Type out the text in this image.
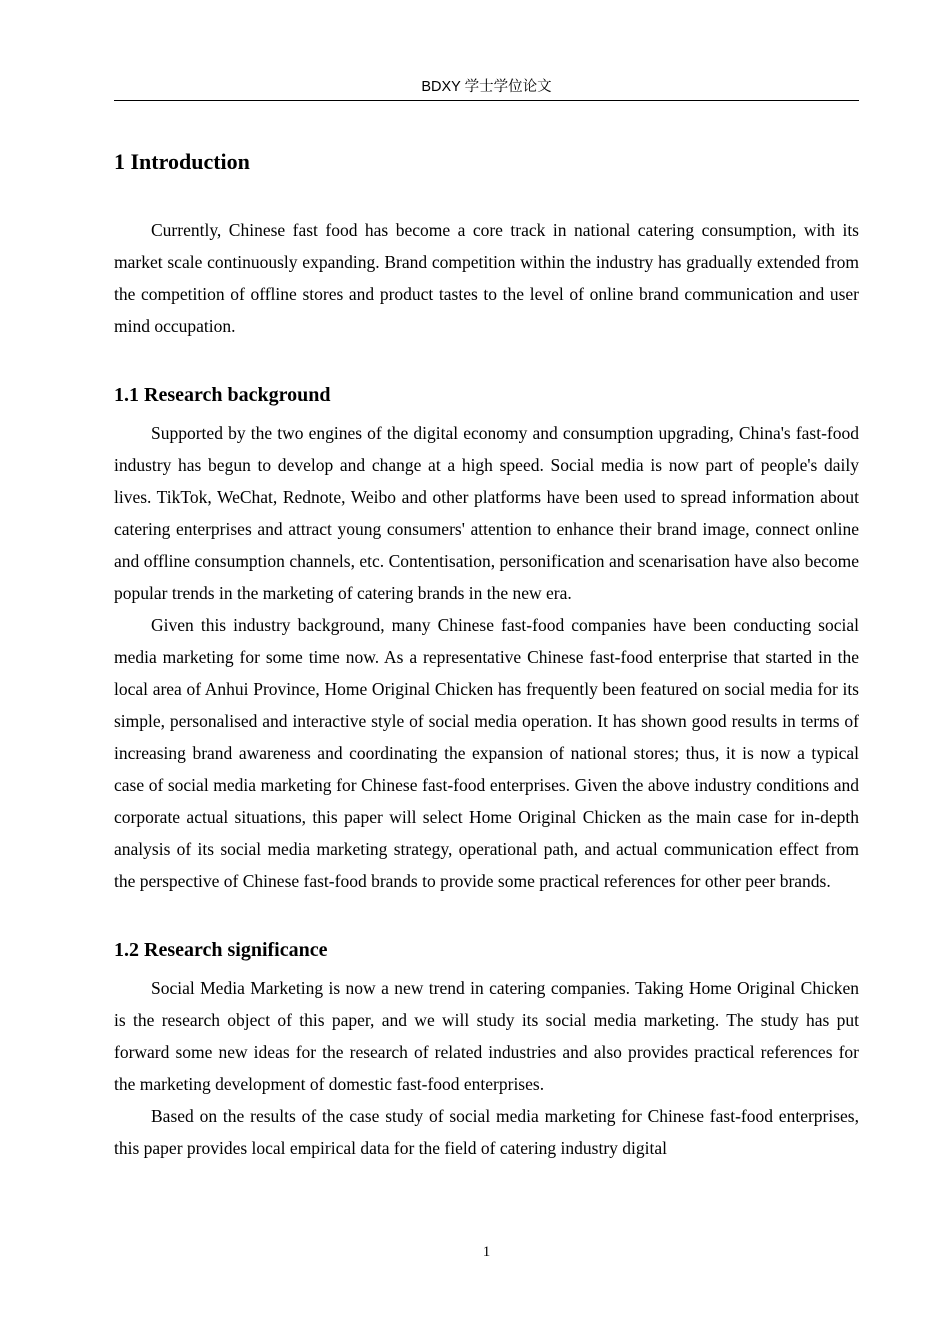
BDXY 学士学位论文
1 Introduction

Currently, Chinese fast food has become a core track in national catering consumption, with its market scale continuously expanding. Brand competition within the industry has gradually extended from the competition of offline stores and product tastes to the level of online brand communication and user mind occupation.

1.1 Research background

Supported by the two engines of the digital economy and consumption upgrading, China's fast-food industry has begun to develop and change at a high speed. Social media is now part of people's daily lives. TikTok, WeChat, Rednote, Weibo and other platforms have been used to spread information about catering enterprises and attract young consumers' attention to enhance their brand image, connect online and offline consumption channels, etc. Contentisation, personification and scenarisation have also become popular trends in the marketing of catering brands in the new era.

Given this industry background, many Chinese fast-food companies have been conducting social media marketing for some time now. As a representative Chinese fast-food enterprise that started in the local area of Anhui Province, Home Original Chicken has frequently been featured on social media for its simple, personalised and interactive style of social media operation. It has shown good results in terms of increasing brand awareness and coordinating the expansion of national stores; thus, it is now a typical case of social media marketing for Chinese fast-food enterprises. Given the above industry conditions and corporate actual situations, this paper will select Home Original Chicken as the main case for in-depth analysis of its social media marketing strategy, operational path, and actual communication effect from the perspective of Chinese fast-food brands to provide some practical references for other peer brands.

1.2 Research significance

Social Media Marketing is now a new trend in catering companies. Taking Home Original Chicken is the research object of this paper, and we will study its social media marketing. The study has put forward some new ideas for the research of related industries and also provides practical references for the marketing development of domestic fast-food enterprises.

Based on the results of the case study of social media marketing for Chinese fast-food enterprises, this paper provides local empirical data for the field of catering industry digital

1
